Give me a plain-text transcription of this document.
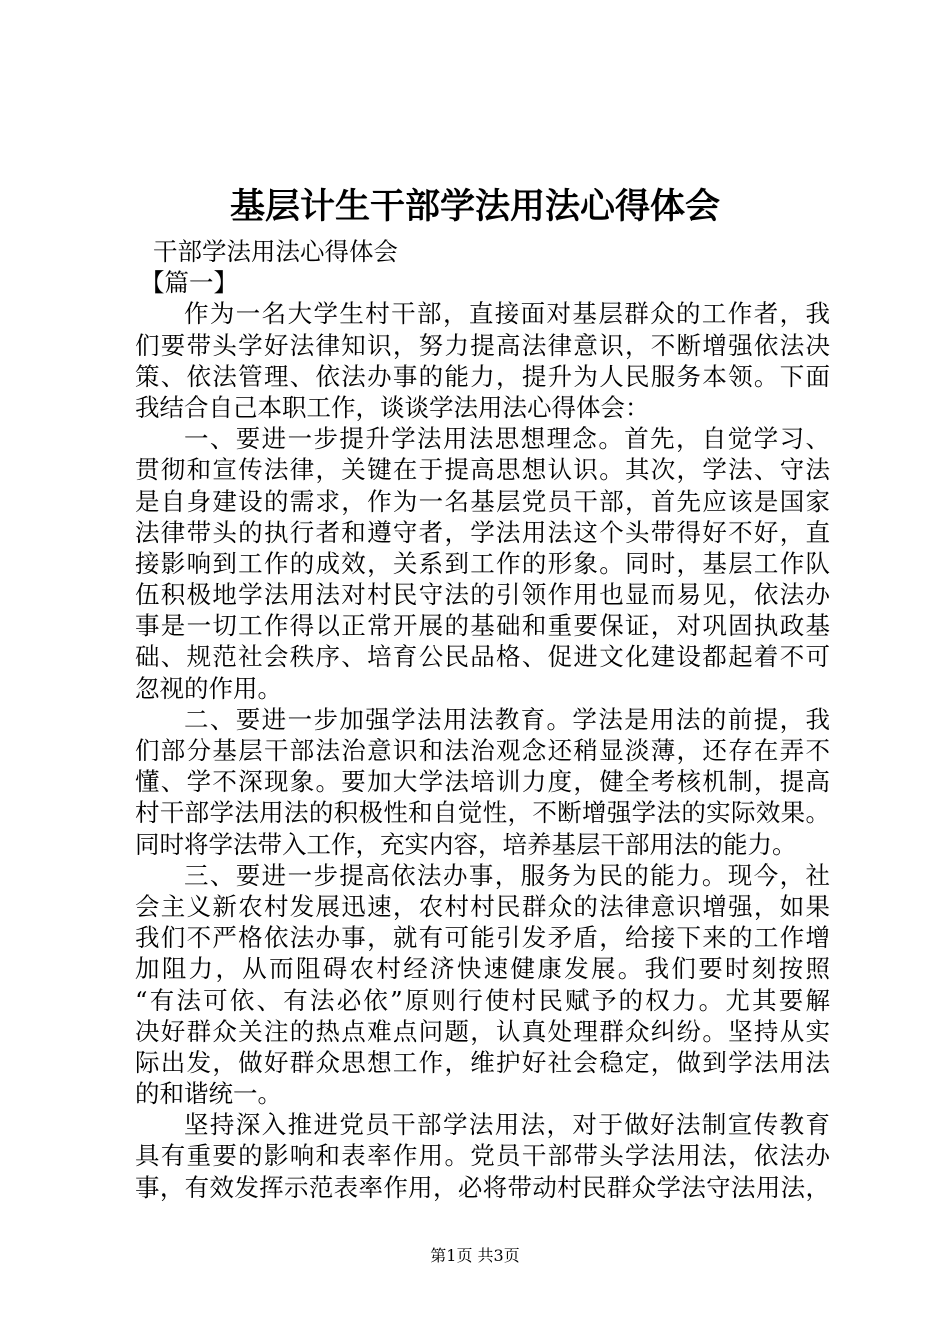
基层计生干部学法用法心得体会
干部学法用法心得体会
【篇一】
作为一名大学生村干部，直接面对基层群众的工作者，我
们要带头学好法律知识，努力提高法律意识，不断增强依法决
策、依法管理、依法办事的能力，提升为人民服务本领。下面
我结合自己本职工作，谈谈学法用法心得体会：
一、要进一步提升学法用法思想理念。首先，自觉学习、
贯彻和宣传法律，关键在于提高思想认识。其次，学法、守法
是自身建设的需求，作为一名基层党员干部，首先应该是国家
法律带头的执行者和遵守者，学法用法这个头带得好不好，直
接影响到工作的成效，关系到工作的形象。同时，基层工作队
伍积极地学法用法对村民守法的引领作用也显而易见，依法办
事是一切工作得以正常开展的基础和重要保证，对巩固执政基
础、规范社会秩序、培育公民品格、促进文化建设都起着不可
忽视的作用。
二、要进一步加强学法用法教育。学法是用法的前提，我
们部分基层干部法治意识和法治观念还稍显淡薄，还存在弄不
懂、学不深现象。要加大学法培训力度，健全考核机制，提高
村干部学法用法的积极性和自觉性，不断增强学法的实际效果。
同时将学法带入工作，充实内容，培养基层干部用法的能力。
三、要进一步提高依法办事，服务为民的能力。现今，社
会主义新农村发展迅速，农村村民群众的法律意识增强，如果
我们不严格依法办事，就有可能引发矛盾，给接下来的工作增
加阻力，从而阻碍农村经济快速健康发展。我们要时刻按照
“有法可依、有法必依”原则行使村民赋予的权力。尤其要解
决好群众关注的热点难点问题，认真处理群众纠纷。坚持从实
际出发，做好群众思想工作，维护好社会稳定，做到学法用法
的和谐统一。
坚持深入推进党员干部学法用法，对于做好法制宣传教育
具有重要的影响和表率作用。党员干部带头学法用法，依法办
事，有效发挥示范表率作用，必将带动村民群众学法守法用法，
第1页 共3页
